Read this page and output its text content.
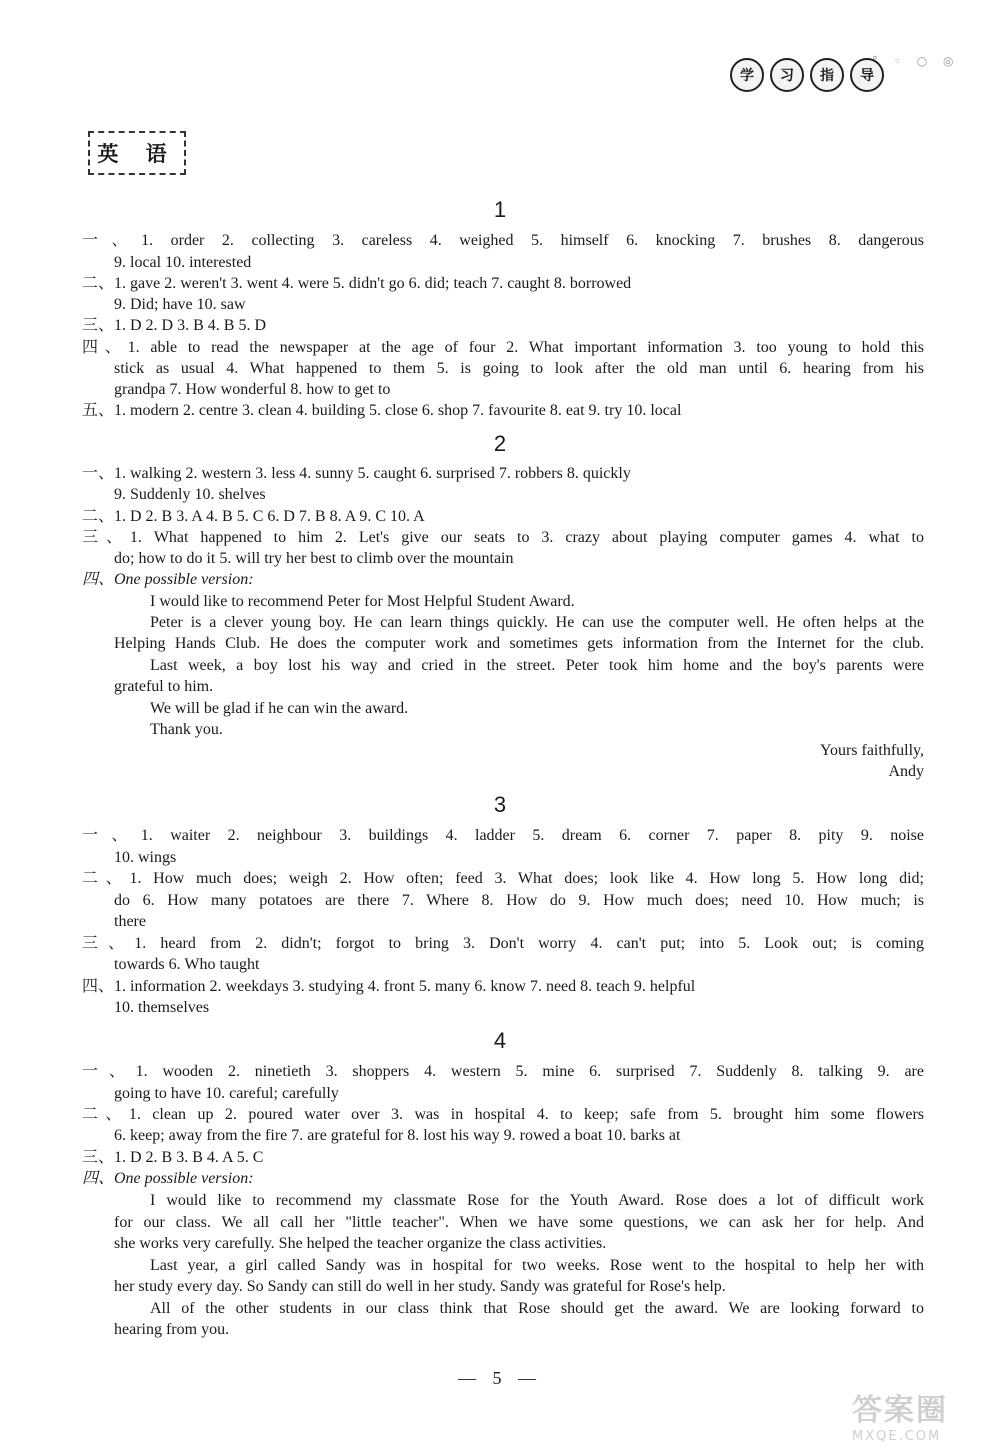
学	习	指	导
° ◦ ○ ◎
英 语
1
一、1. order 2. collecting 3. careless 4. weighed 5. himself 6. knocking 7. brushes 8. dangerous
9. local 10. interested
二、1. gave 2. weren't 3. went 4. were 5. didn't go 6. did; teach 7. caught 8. borrowed
9. Did; have 10. saw
三、1. D 2. D 3. B 4. B 5. D
四、1. able to read the newspaper at the age of four 2. What important information 3. too young to hold this
stick as usual 4. What happened to them 5. is going to look after the old man until 6. hearing from his
grandpa 7. How wonderful 8. how to get to
五、1. modern 2. centre 3. clean 4. building 5. close 6. shop 7. favourite 8. eat 9. try 10. local
2
一、1. walking 2. western 3. less 4. sunny 5. caught 6. surprised 7. robbers 8. quickly
9. Suddenly 10. shelves
二、1. D 2. B 3. A 4. B 5. C 6. D 7. B 8. A 9. C 10. A
三、1. What happened to him 2. Let's give our seats to 3. crazy about playing computer games 4. what to
do; how to do it 5. will try her best to climb over the mountain
四、One possible version:
I would like to recommend Peter for Most Helpful Student Award.
Peter is a clever young boy. He can learn things quickly. He can use the computer well. He often helps at the
Helping Hands Club. He does the computer work and sometimes gets information from the Internet for the club.
Last week, a boy lost his way and cried in the street. Peter took him home and the boy's parents were
grateful to him.
We will be glad if he can win the award.
Thank you.
Yours faithfully,
Andy
3
一、1. waiter 2. neighbour 3. buildings 4. ladder 5. dream 6. corner 7. paper 8. pity 9. noise
10. wings
二、1. How much does; weigh 2. How often; feed 3. What does; look like 4. How long 5. How long did;
do 6. How many potatoes are there 7. Where 8. How do 9. How much does; need 10. How much; is
there
三、1. heard from 2. didn't; forgot to bring 3. Don't worry 4. can't put; into 5. Look out; is coming
towards 6. Who taught
四、1. information 2. weekdays 3. studying 4. front 5. many 6. know 7. need 8. teach 9. helpful
10. themselves
4
一、1. wooden 2. ninetieth 3. shoppers 4. western 5. mine 6. surprised 7. Suddenly 8. talking 9. are
going to have 10. careful; carefully
二、1. clean up 2. poured water over 3. was in hospital 4. to keep; safe from 5. brought him some flowers
6. keep; away from the fire 7. are grateful for 8. lost his way 9. rowed a boat 10. barks at
三、1. D 2. B 3. B 4. A 5. C
四、One possible version:
I would like to recommend my classmate Rose for the Youth Award. Rose does a lot of difficult work
for our class. We all call her "little teacher". When we have some questions, we can ask her for help. And
she works very carefully. She helped the teacher organize the class activities.
Last year, a girl called Sandy was in hospital for two weeks. Rose went to the hospital to help her with
her study every day. So Sandy can still do well in her study. Sandy was grateful for Rose's help.
All of the other students in our class think that Rose should get the award. We are looking forward to
hearing from you.
— 5 —
答案圈
MXQE.COM
